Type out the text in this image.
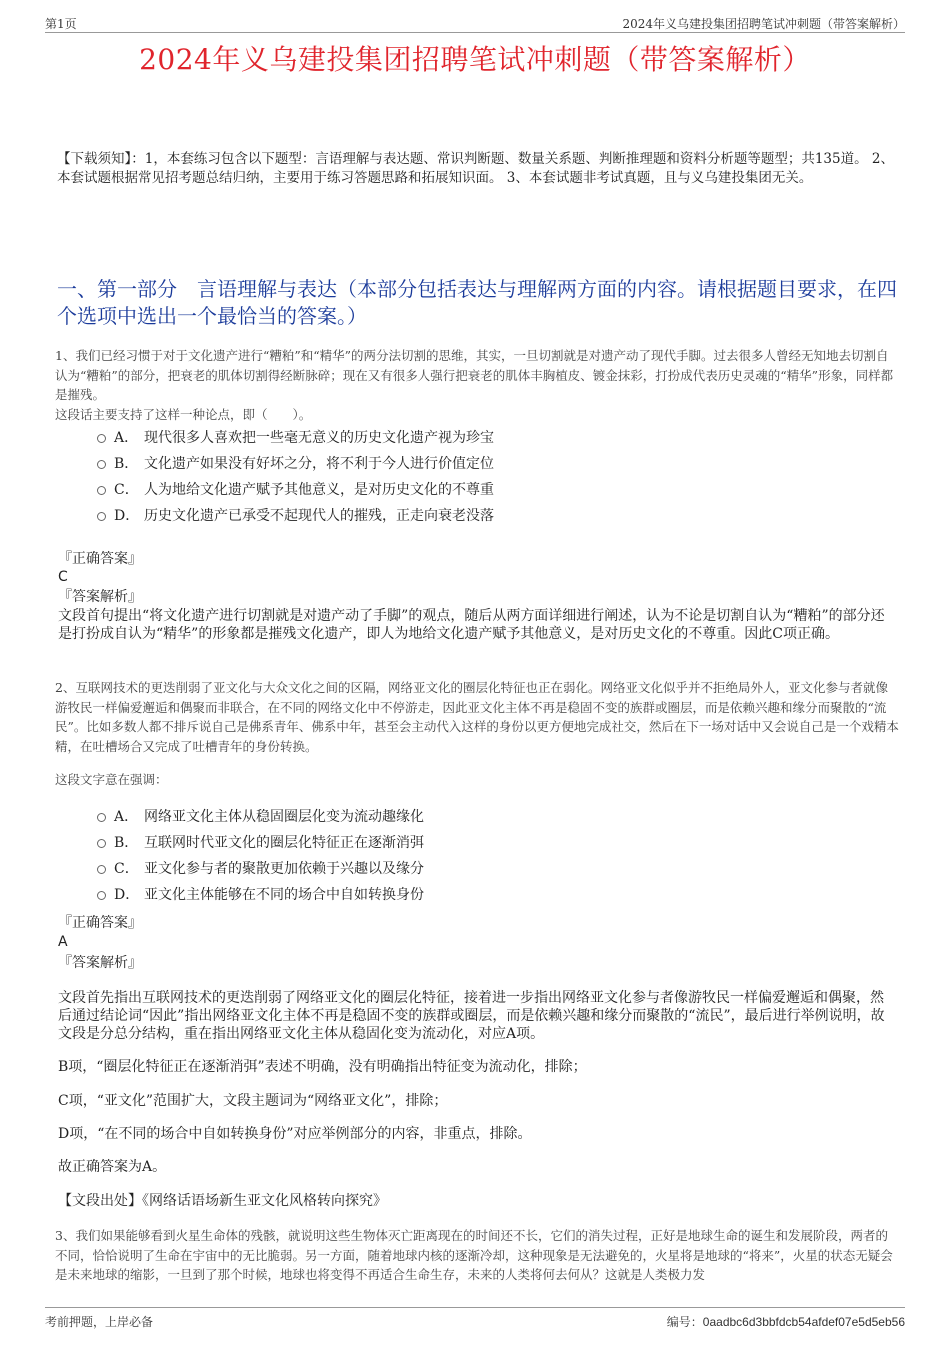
第1页	2024年义乌建投集团招聘笔试冲刺题（带答案解析）
2024年义乌建投集团招聘笔试冲刺题（带答案解析）
【下载须知】：1，本套练习包含以下题型：言语理解与表达题、常识判断题、数量关系题、判断推理题和资料分析题等题型；共135道。 2、本套试题根据常见招考题总结归纳，主要用于练习答题思路和拓展知识面。 3、本套试题非考试真题，且与义乌建投集团无关。
一、第一部分　言语理解与表达（本部分包括表达与理解两方面的内容。请根据题目要求，在四个选项中选出一个最恰当的答案。）
1、我们已经习惯于对于文化遗产进行“糟粕”和“精华”的两分法切割的思维，其实，一旦切割就是对遗产动了现代手脚。过去很多人曾经无知地去切割自认为“糟粕”的部分，把衰老的肌体切割得经断脉碎；现在又有很多人强行把衰老的肌体丰胸植皮、镀金抹彩，打扮成代表历史灵魂的“精华”形象，同样都是摧残。
这段话主要支持了这样一种论点，即（　　）。
A． 现代很多人喜欢把一些毫无意义的历史文化遗产视为珍宝
B． 文化遗产如果没有好坏之分，将不利于今人进行价值定位
C． 人为地给文化遗产赋予其他意义，是对历史文化的不尊重
D． 历史文化遗产已承受不起现代人的摧残，正走向衰老没落
『正确答案』
C
『答案解析』
文段首句提出“将文化遗产进行切割就是对遗产动了手脚”的观点，随后从两方面详细进行阐述，认为不论是切割自认为“糟粕”的部分还是打扮成自认为“精华”的形象都是摧残文化遗产，即人为地给文化遗产赋予其他意义，是对历史文化的不尊重。因此C项正确。
2、互联网技术的更迭削弱了亚文化与大众文化之间的区隔，网络亚文化的圈层化特征也正在弱化。网络亚文化似乎并不拒绝局外人，亚文化参与者就像游牧民一样偏爱邂逅和偶聚而非联合，在不同的网络文化中不停游走，因此亚文化主体不再是稳固不变的族群或圈层，而是依赖兴趣和缘分而聚散的“流民”。比如多数人都不排斥说自己是佛系青年、佛系中年，甚至会主动代入这样的身份以更方便地完成社交，然后在下一场对话中又会说自己是一个戏精本精，在吐槽场合又完成了吐槽青年的身份转换。
这段文字意在强调：
A． 网络亚文化主体从稳固圈层化变为流动趣缘化
B． 互联网时代亚文化的圈层化特征正在逐渐消弭
C． 亚文化参与者的聚散更加依赖于兴趣以及缘分
D． 亚文化主体能够在不同的场合中自如转换身份
『正确答案』
A
『答案解析』
文段首先指出互联网技术的更迭削弱了网络亚文化的圈层化特征，接着进一步指出网络亚文化参与者像游牧民一样偏爱邂逅和偶聚，然后通过结论词“因此”指出网络亚文化主体不再是稳固不变的族群或圈层，而是依赖兴趣和缘分而聚散的“流民”，最后进行举例说明，故文段是分总分结构，重在指出网络亚文化主体从稳固化变为流动化，对应A项。
B项，“圈层化特征正在逐渐消弭”表述不明确，没有明确指出特征变为流动化，排除；
C项，“亚文化”范围扩大，文段主题词为“网络亚文化”，排除；
D项，“在不同的场合中自如转换身份”对应举例部分的内容，非重点，排除。
故正确答案为A。
【文段出处】《网络话语场新生亚文化风格转向探究》
3、我们如果能够看到火星生命体的残骸，就说明这些生物体灭亡距离现在的时间还不长，它们的消失过程，正好是地球生命的诞生和发展阶段，两者的不同，恰恰说明了生命在宇宙中的无比脆弱。另一方面，随着地球内核的逐渐冷却，这种现象是无法避免的，火星将是地球的“将来”，火星的状态无疑会是未来地球的缩影，一旦到了那个时候，地球也将变得不再适合生命生存，未来的人类将何去何从？这就是人类极力发
考前押题，上岸必备	编号：0aadbc6d3bbfdcb54afdef07e5d5eb56
